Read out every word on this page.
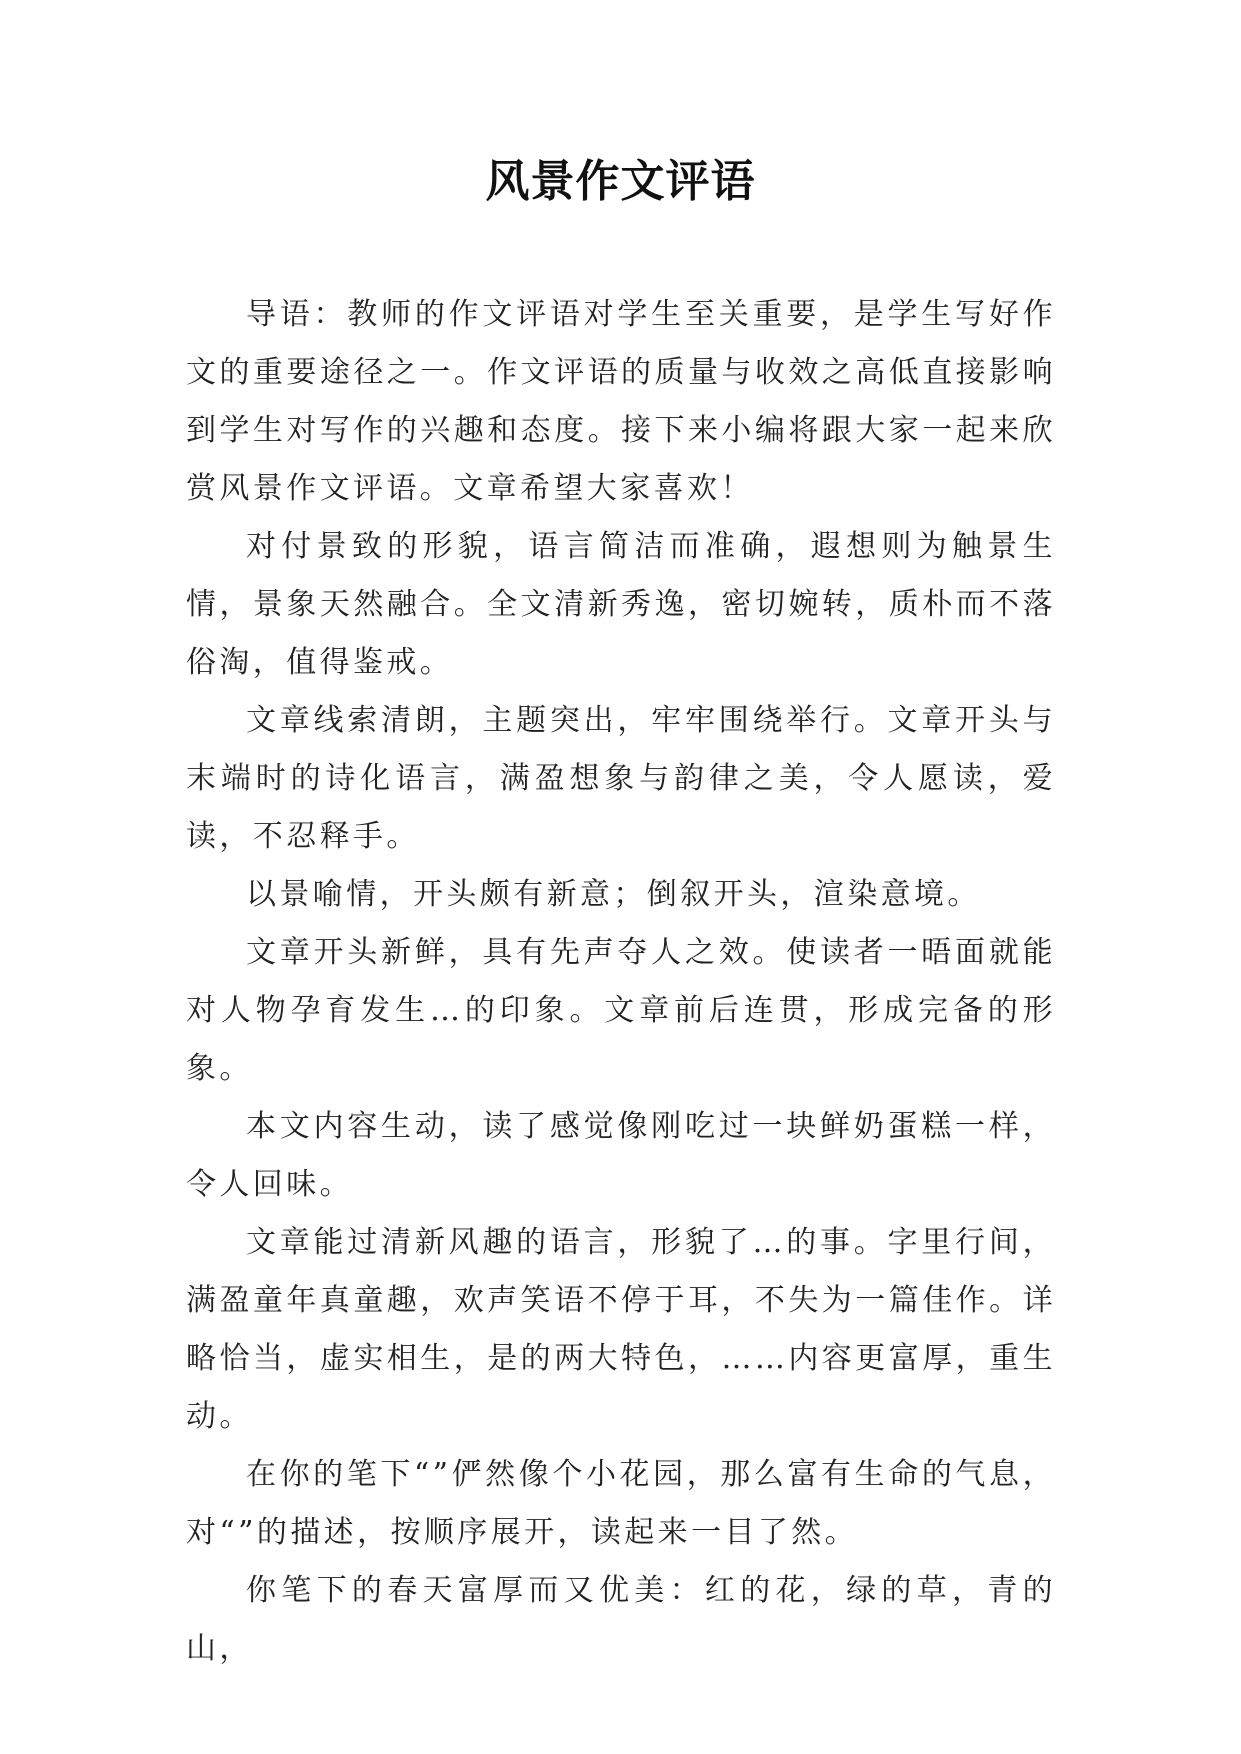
风景作文评语

导语：教师的作文评语对学生至关重要，是学生写好作文的重要途径之一。作文评语的质量与收效之高低直接影响到学生对写作的兴趣和态度。接下来小编将跟大家一起来欣赏风景作文评语。文章希望大家喜欢！

对付景致的形貌，语言简洁而准确，遐想则为触景生情，景象天然融合。全文清新秀逸，密切婉转，质朴而不落俗淘，值得鉴戒。

文章线索清朗，主题突出，牢牢围绕举行。文章开头与末端时的诗化语言，满盈想象与韵律之美，令人愿读，爱读，不忍释手。

以景喻情，开头颇有新意；倒叙开头，渲染意境。

文章开头新鲜，具有先声夺人之效。使读者一晤面就能对人物孕育发生…的印象。文章前后连贯，形成完备的形象。

本文内容生动，读了感觉像刚吃过一块鲜奶蛋糕一样，令人回味。

文章能过清新风趣的语言，形貌了…的事。字里行间，满盈童年真童趣，欢声笑语不停于耳，不失为一篇佳作。详略恰当，虚实相生，是的两大特色，……内容更富厚，重生动。

在你的笔下“”俨然像个小花园，那么富有生命的气息，对“”的描述，按顺序展开，读起来一目了然。

你笔下的春天富厚而又优美：红的花，绿的草，青的山，
